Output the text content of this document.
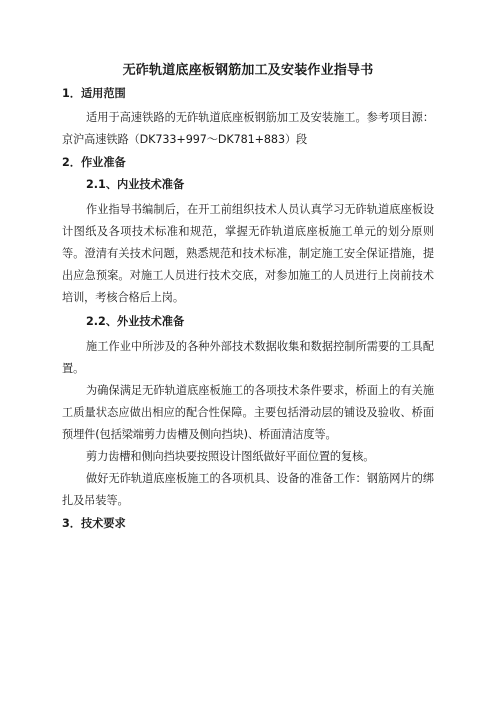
无砟轨道底座板钢筋加工及安装作业指导书
1．适用范围

适用于高速铁路的无砟轨道底座板钢筋加工及安装施工。参考项目源：京沪高速铁路（DK733+997～DK781+883）段

2．作业准备
2.1、内业技术准备

作业指导书编制后，在开工前组织技术人员认真学习无砟轨道底座板设计图纸及各项技术标准和规范，掌握无砟轨道底座板施工单元的划分原则等。澄清有关技术问题，熟悉规范和技术标准，制定施工安全保证措施，提出应急预案。对施工人员进行技术交底，对参加施工的人员进行上岗前技术培训，考核合格后上岗。

2.2、外业技术准备

施工作业中所涉及的各种外部技术数据收集和数据控制所需要的工具配置。

为确保满足无砟轨道底座板施工的各项技术条件要求，桥面上的有关施工质量状态应做出相应的配合性保障。主要包括滑动层的铺设及验收、桥面预埋件(包括梁端剪力齿槽及侧向挡块)、桥面清洁度等。

剪力齿槽和侧向挡块要按照设计图纸做好平面位置的复核。

做好无砟轨道底座板施工的各项机具、设备的准备工作：钢筋网片的绑扎及吊装等。

3．技术要求
